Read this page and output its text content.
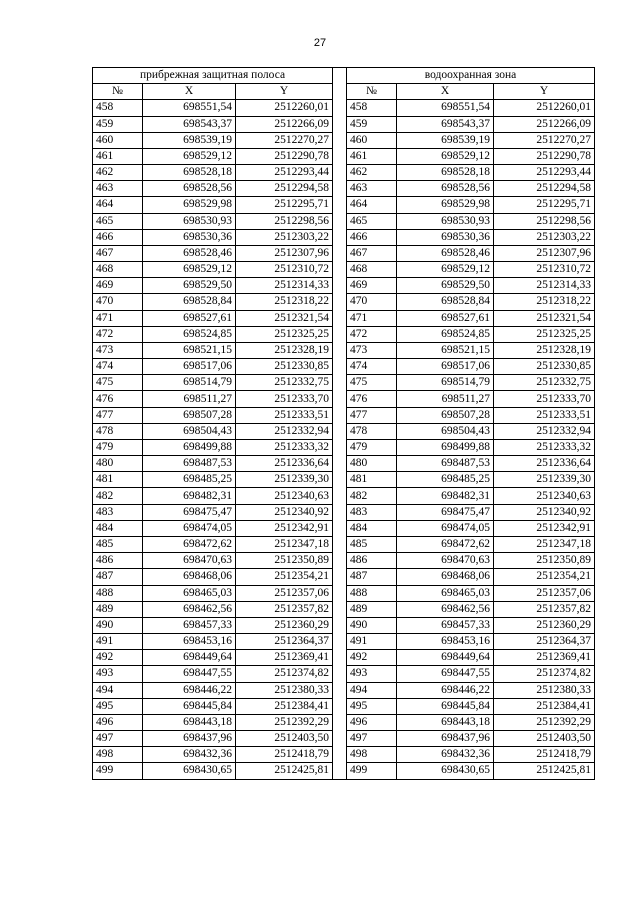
27
прибрежная защитная полоса				водоохранная зона		
№	X	Y		№	X	Y
458	698551,54	2512260,01		458	698551,54	2512260,01
459	698543,37	2512266,09		459	698543,37	2512266,09
460	698539,19	2512270,27		460	698539,19	2512270,27
461	698529,12	2512290,78		461	698529,12	2512290,78
462	698528,18	2512293,44		462	698528,18	2512293,44
463	698528,56	2512294,58		463	698528,56	2512294,58
464	698529,98	2512295,71		464	698529,98	2512295,71
465	698530,93	2512298,56		465	698530,93	2512298,56
466	698530,36	2512303,22		466	698530,36	2512303,22
467	698528,46	2512307,96		467	698528,46	2512307,96
468	698529,12	2512310,72		468	698529,12	2512310,72
469	698529,50	2512314,33		469	698529,50	2512314,33
470	698528,84	2512318,22		470	698528,84	2512318,22
471	698527,61	2512321,54		471	698527,61	2512321,54
472	698524,85	2512325,25		472	698524,85	2512325,25
473	698521,15	2512328,19		473	698521,15	2512328,19
474	698517,06	2512330,85		474	698517,06	2512330,85
475	698514,79	2512332,75		475	698514,79	2512332,75
476	698511,27	2512333,70		476	698511,27	2512333,70
477	698507,28	2512333,51		477	698507,28	2512333,51
478	698504,43	2512332,94		478	698504,43	2512332,94
479	698499,88	2512333,32		479	698499,88	2512333,32
480	698487,53	2512336,64		480	698487,53	2512336,64
481	698485,25	2512339,30		481	698485,25	2512339,30
482	698482,31	2512340,63		482	698482,31	2512340,63
483	698475,47	2512340,92		483	698475,47	2512340,92
484	698474,05	2512342,91		484	698474,05	2512342,91
485	698472,62	2512347,18		485	698472,62	2512347,18
486	698470,63	2512350,89		486	698470,63	2512350,89
487	698468,06	2512354,21		487	698468,06	2512354,21
488	698465,03	2512357,06		488	698465,03	2512357,06
489	698462,56	2512357,82		489	698462,56	2512357,82
490	698457,33	2512360,29		490	698457,33	2512360,29
491	698453,16	2512364,37		491	698453,16	2512364,37
492	698449,64	2512369,41		492	698449,64	2512369,41
493	698447,55	2512374,82		493	698447,55	2512374,82
494	698446,22	2512380,33		494	698446,22	2512380,33
495	698445,84	2512384,41		495	698445,84	2512384,41
496	698443,18	2512392,29		496	698443,18	2512392,29
497	698437,96	2512403,50		497	698437,96	2512403,50
498	698432,36	2512418,79		498	698432,36	2512418,79
499	698430,65	2512425,81		499	698430,65	2512425,81
